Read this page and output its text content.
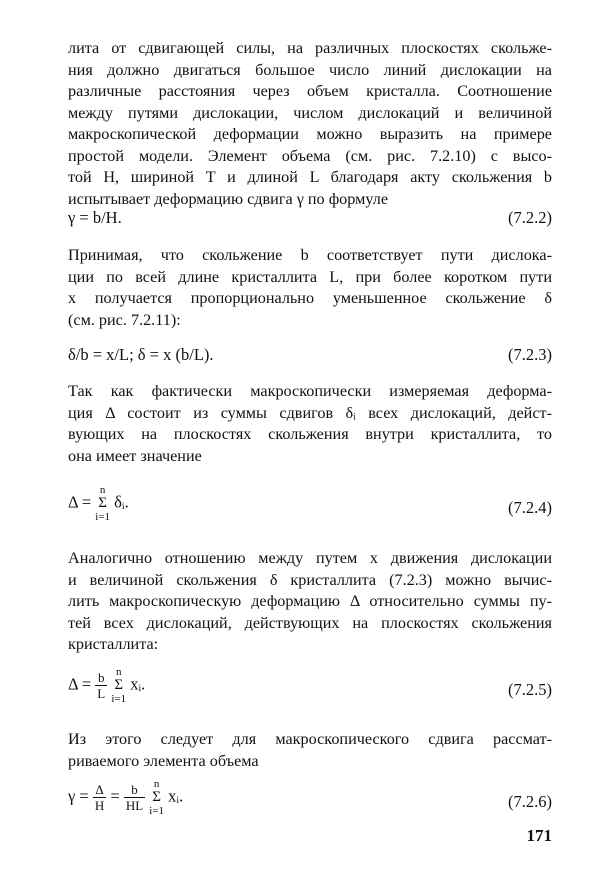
лита от сдвигающей силы, на различных плоскостях скольже-
ния должно двигаться большое число линий дислокации на
различные расстояния через объем кристалла. Соотношение
между путями дислокации, числом дислокаций и величиной
макроскопической деформации можно выразить на примере
простой модели. Элемент объема (см. рис. 7.2.10) с высо-
той H, шириной T и длиной L благодаря акту скольжения b
испытывает деформацию сдвига γ по формуле
γ = b/H.	(7.2.2)
Принимая, что скольжение b соответствует пути дислока-
ции по всей длине кристаллита L, при более коротком пути
x получается пропорционально уменьшенное скольжение δ
(см. рис. 7.2.11):
δ/b = x/L; δ = x (b/L).	(7.2.3)
Так как фактически макроскопически измеряемая деформа-
ция Δ состоит из суммы сдвигов δᵢ всех дислокаций, дейст-
вующих на плоскостях скольжения внутри кристаллита, то
она имеет значение
Δ = n
Σ
i=1 δᵢ.	(7.2.4)
Аналогично отношению между путем x движения дислокации
и величиной скольжения δ кристаллита (7.2.3) можно вычис-
лить макроскопическую деформацию Δ относительно суммы пу-
тей всех дислокаций, действующих на плоскостях скольжения
кристаллита:
$\Delta = \frac{b}{L}$ n
Σ
i=1 xᵢ.	(7.2.5)
Из этого следует для макроскопического сдвига рассмат-
риваемого элемента объема
$\gamma = \frac{\Delta}{H} = \frac{b}{HL}$ n
Σ
i=1 xᵢ.	(7.2.6)
171
